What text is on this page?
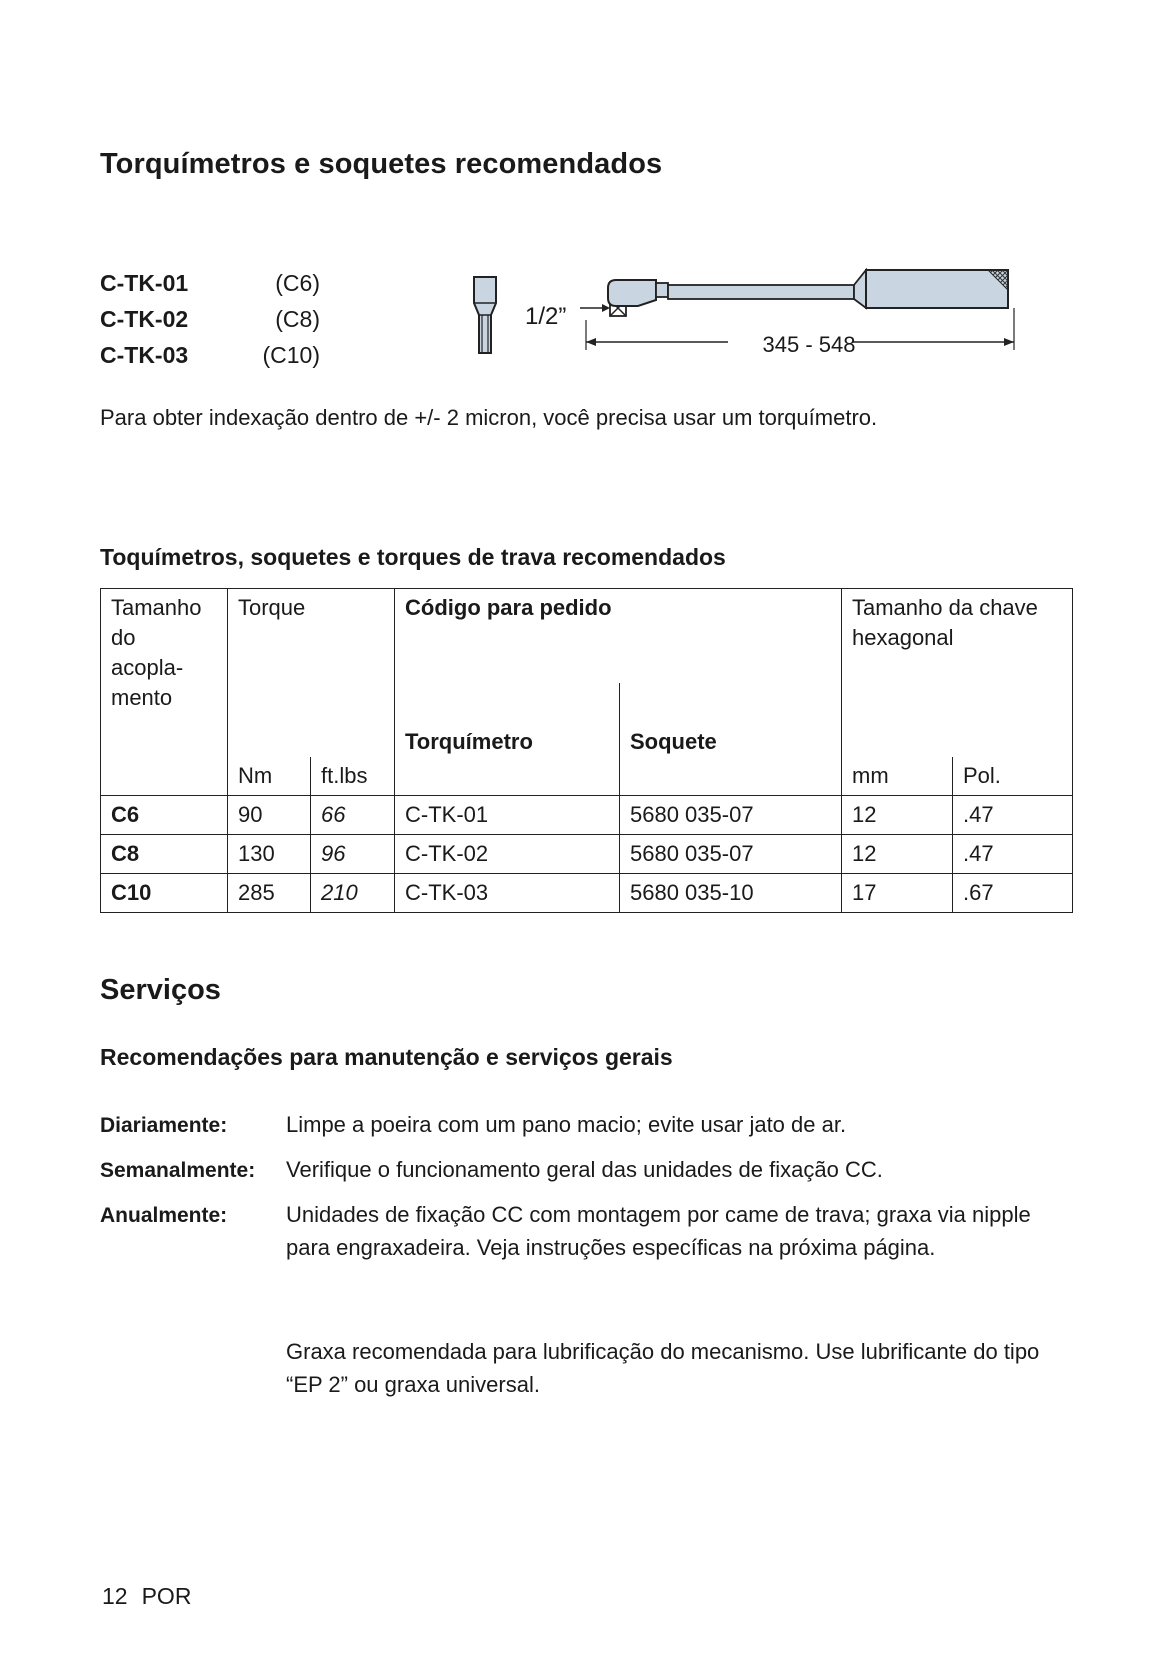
Torquímetros e soquetes recomendados
C-TK-01	(C6)
C-TK-02	(C8)
C-TK-03	(C10)
1/2”
345 - 548

Para obter indexação dentro de +/- 2 micron, você precisa usar um torquímetro.

Toquímetros, soquetes e torques de trava recomendados
Tamanho
do
acopla-
mento	Torque		Código para pedido		Tamanho da chave
hexagonal	
			Torquímetro	Soquete		
	Nm	ft.lbs			mm	Pol.
C6	90	66	C-TK-01	5680 035-07	12	.47
C8	130	96	C-TK-02	5680 035-07	12	.47
C10	285	210	C-TK-03	5680 035-10	17	.67
Serviços
Recomendações para manutenção e serviços gerais
Diariamente:	Limpe a poeira com um pano macio; evite usar jato de ar.

Semanalmente: Verifique o funcionamento geral das unidades de fixação CC.

Anualmente:	Unidades de fixação CC com montagem por came de trava; graxa via nipple para engraxadeira. Veja instruções específicas na próxima página.

Graxa recomendada para lubrificação do mecanismo. Use lubrificante do tipo “EP 2” ou graxa universal.

12 POR
